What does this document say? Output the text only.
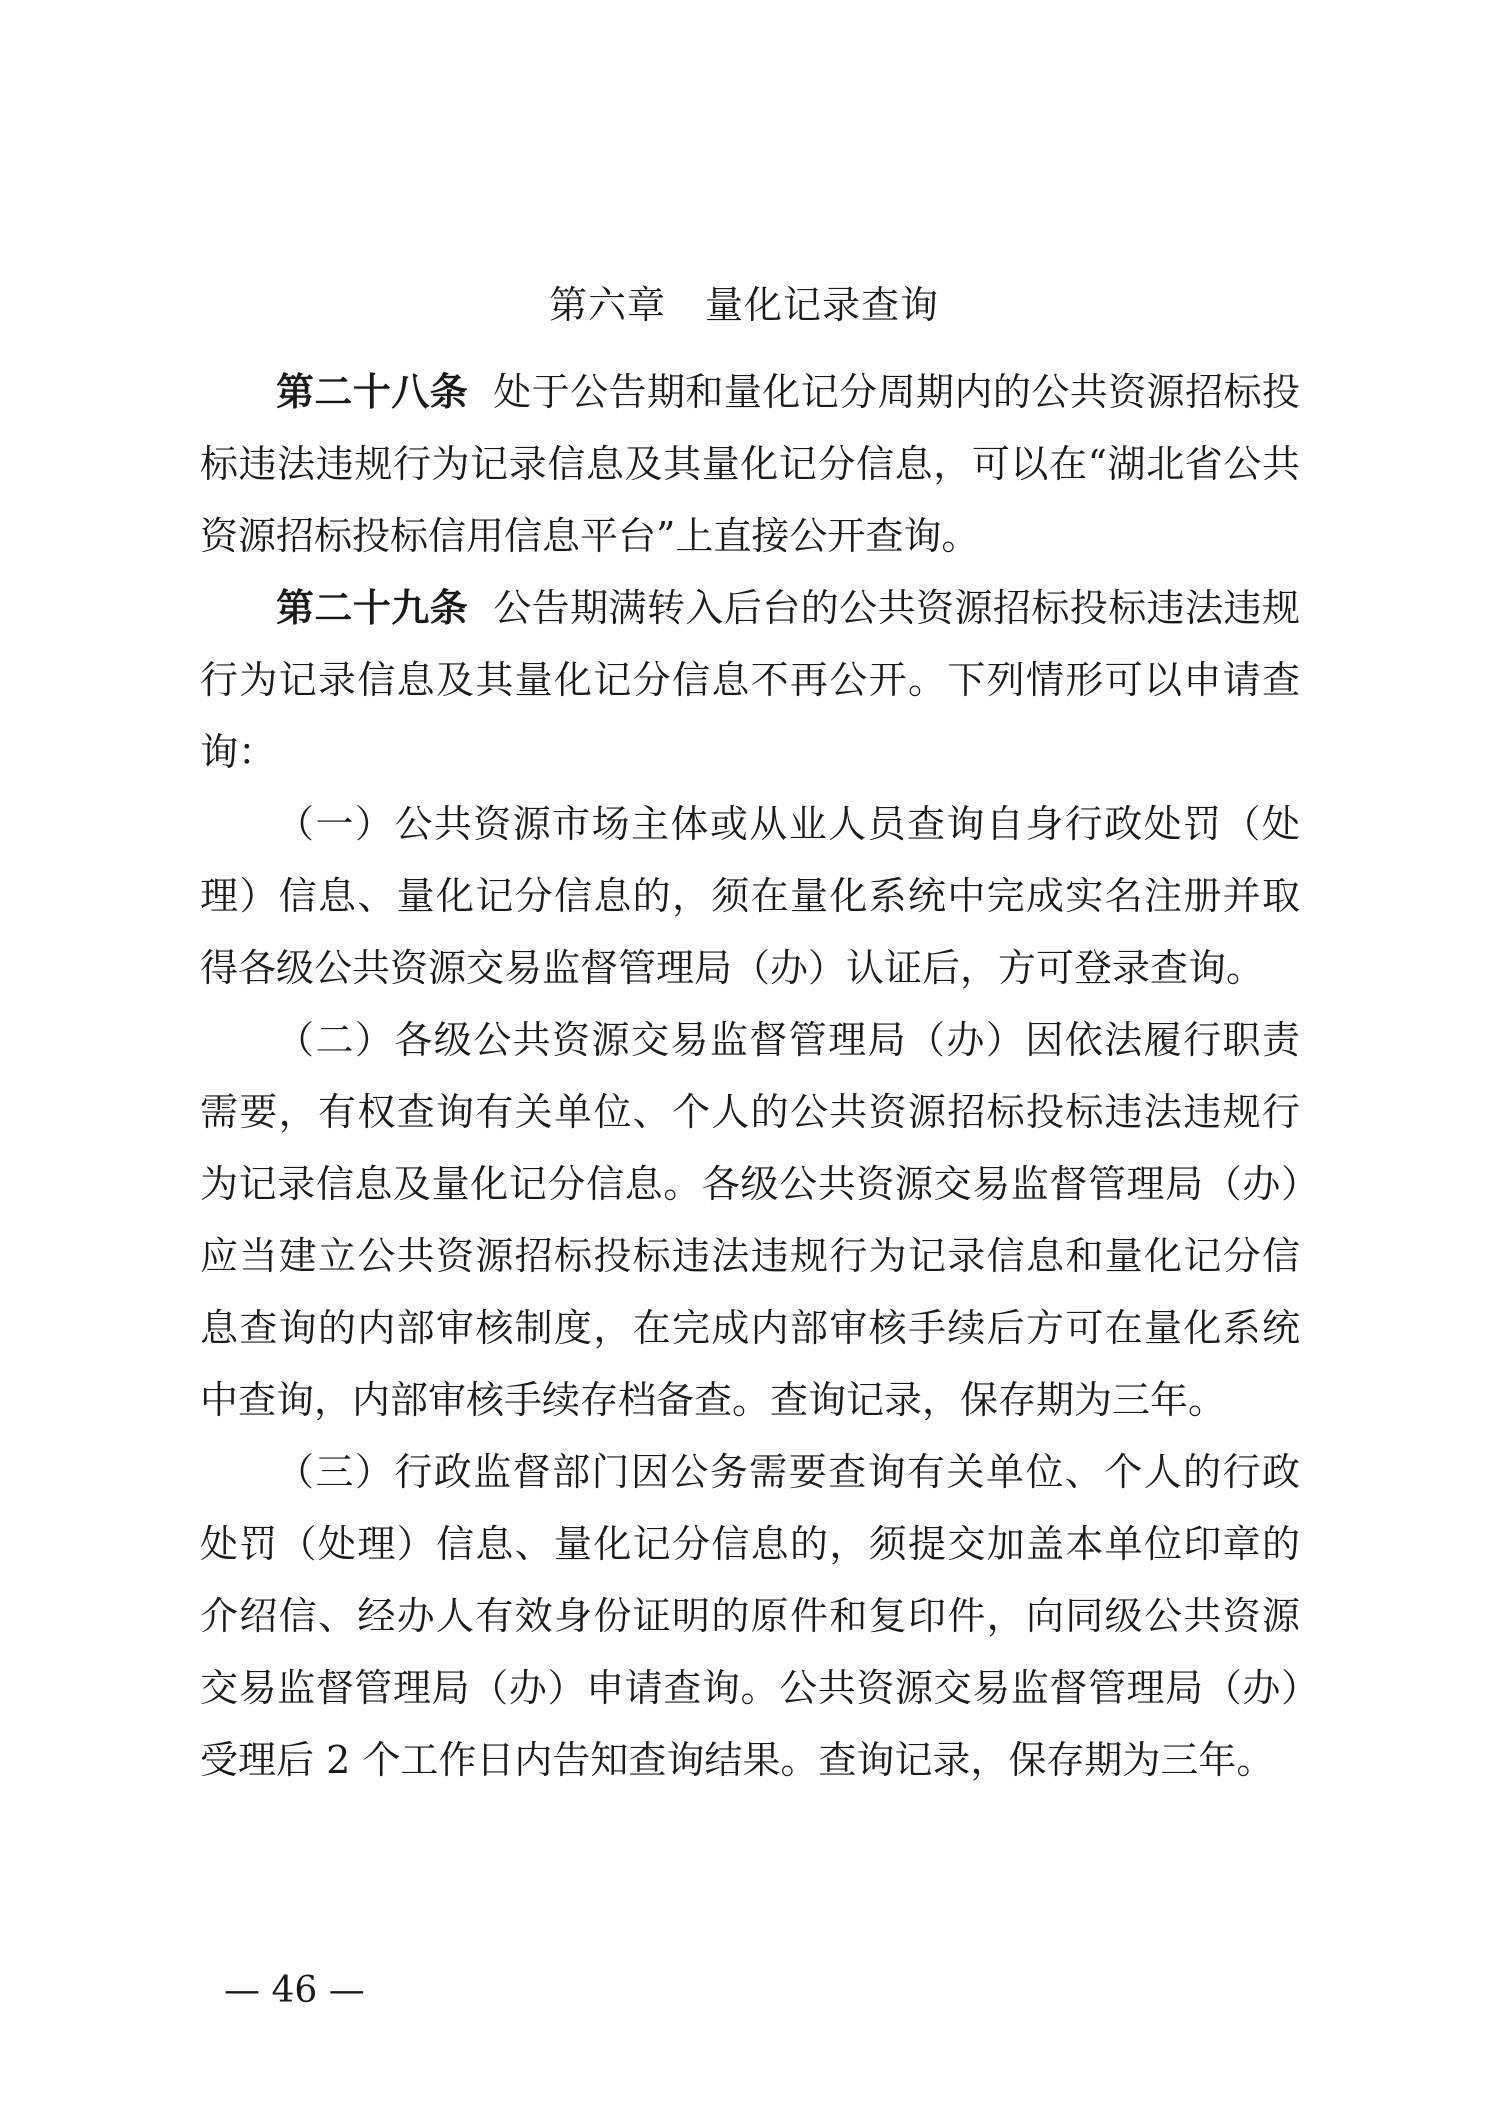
第六章　量化记录查询

第二十八条 处于公告期和量化记分周期内的公共资源招标投标违法违规行为记录信息及其量化记分信息，可以在“湖北省公共资源招标投标信用信息平台”上直接公开查询。

第二十九条 公告期满转入后台的公共资源招标投标违法违规行为记录信息及其量化记分信息不再公开。下列情形可以申请查询：

（一）公共资源市场主体或从业人员查询自身行政处罚（处理）信息、量化记分信息的，须在量化系统中完成实名注册并取得各级公共资源交易监督管理局（办）认证后，方可登录查询。

（二）各级公共资源交易监督管理局（办）因依法履行职责需要，有权查询有关单位、个人的公共资源招标投标违法违规行为记录信息及量化记分信息。各级公共资源交易监督管理局（办）应当建立公共资源招标投标违法违规行为记录信息和量化记分信息查询的内部审核制度，在完成内部审核手续后方可在量化系统中查询，内部审核手续存档备查。查询记录，保存期为三年。

（三）行政监督部门因公务需要查询有关单位、个人的行政处罚（处理）信息、量化记分信息的，须提交加盖本单位印章的介绍信、经办人有效身份证明的原件和复印件，向同级公共资源交易监督管理局（办）申请查询。公共资源交易监督管理局（办）受理后 2 个工作日内告知查询结果。查询记录，保存期为三年。

— 46 —
